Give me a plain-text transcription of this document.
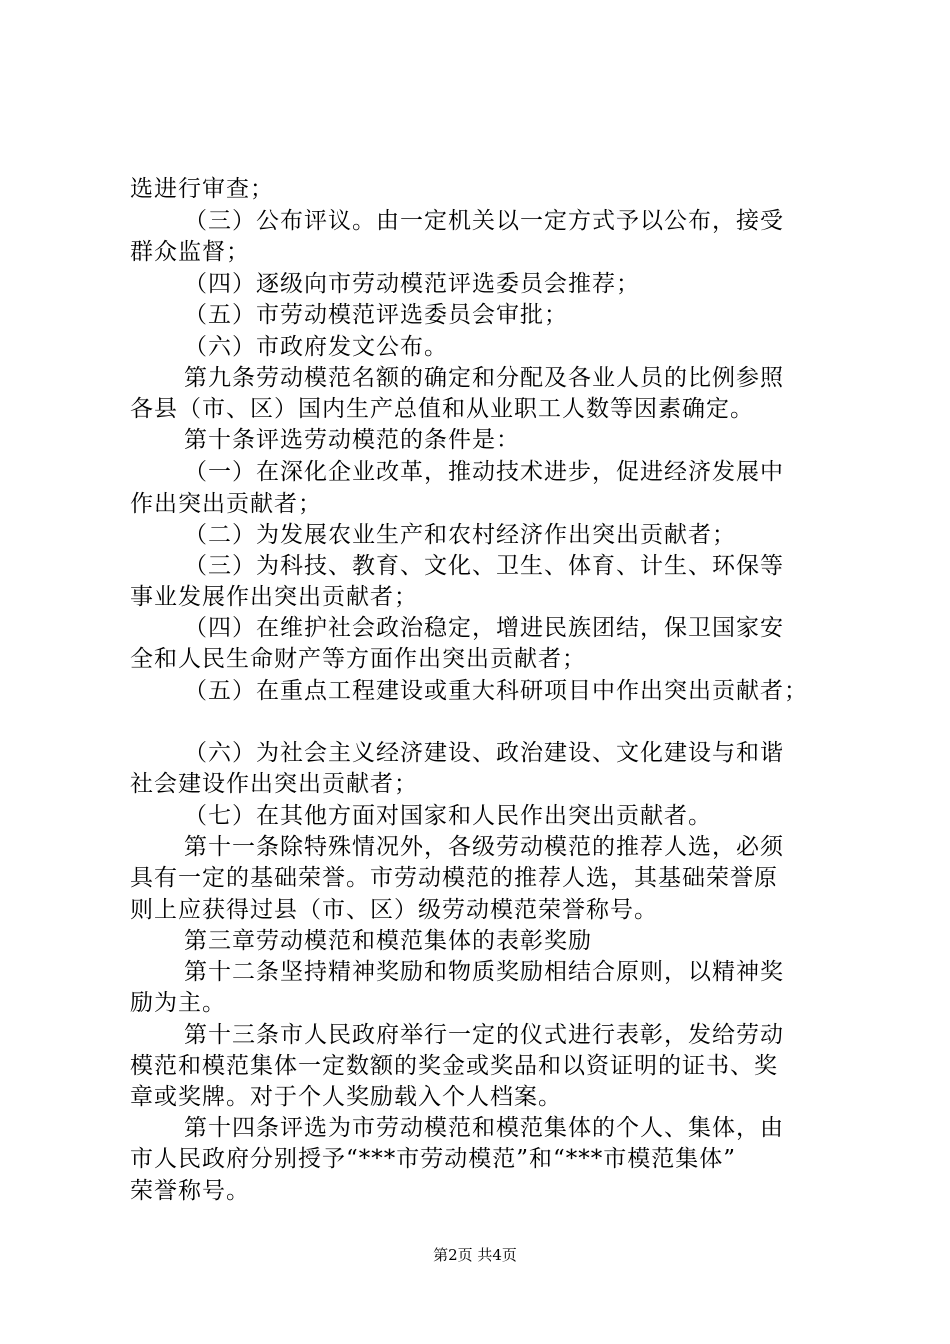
选进行审查；
（三）公布评议。由一定机关以一定方式予以公布，接受
群众监督；
（四）逐级向市劳动模范评选委员会推荐；
（五）市劳动模范评选委员会审批；
（六）市政府发文公布。
第九条劳动模范名额的确定和分配及各业人员的比例参照
各县（市、区）国内生产总值和从业职工人数等因素确定。
第十条评选劳动模范的条件是：
（一）在深化企业改革，推动技术进步，促进经济发展中
作出突出贡献者；
（二）为发展农业生产和农村经济作出突出贡献者；
（三）为科技、教育、文化、卫生、体育、计生、环保等
事业发展作出突出贡献者；
（四）在维护社会政治稳定，增进民族团结，保卫国家安
全和人民生命财产等方面作出突出贡献者；
（五）在重点工程建设或重大科研项目中作出突出贡献者；
（六）为社会主义经济建设、政治建设、文化建设与和谐
社会建设作出突出贡献者；
（七）在其他方面对国家和人民作出突出贡献者。
第十一条除特殊情况外，各级劳动模范的推荐人选，必须
具有一定的基础荣誉。市劳动模范的推荐人选，其基础荣誉原
则上应获得过县（市、区）级劳动模范荣誉称号。
第三章劳动模范和模范集体的表彰奖励
第十二条坚持精神奖励和物质奖励相结合原则，以精神奖
励为主。
第十三条市人民政府举行一定的仪式进行表彰，发给劳动
模范和模范集体一定数额的奖金或奖品和以资证明的证书、奖
章或奖牌。对于个人奖励载入个人档案。
第十四条评选为市劳动模范和模范集体的个人、集体，由
市人民政府分别授予“***市劳动模范”和“***市模范集体”
荣誉称号。
第2页 共4页
